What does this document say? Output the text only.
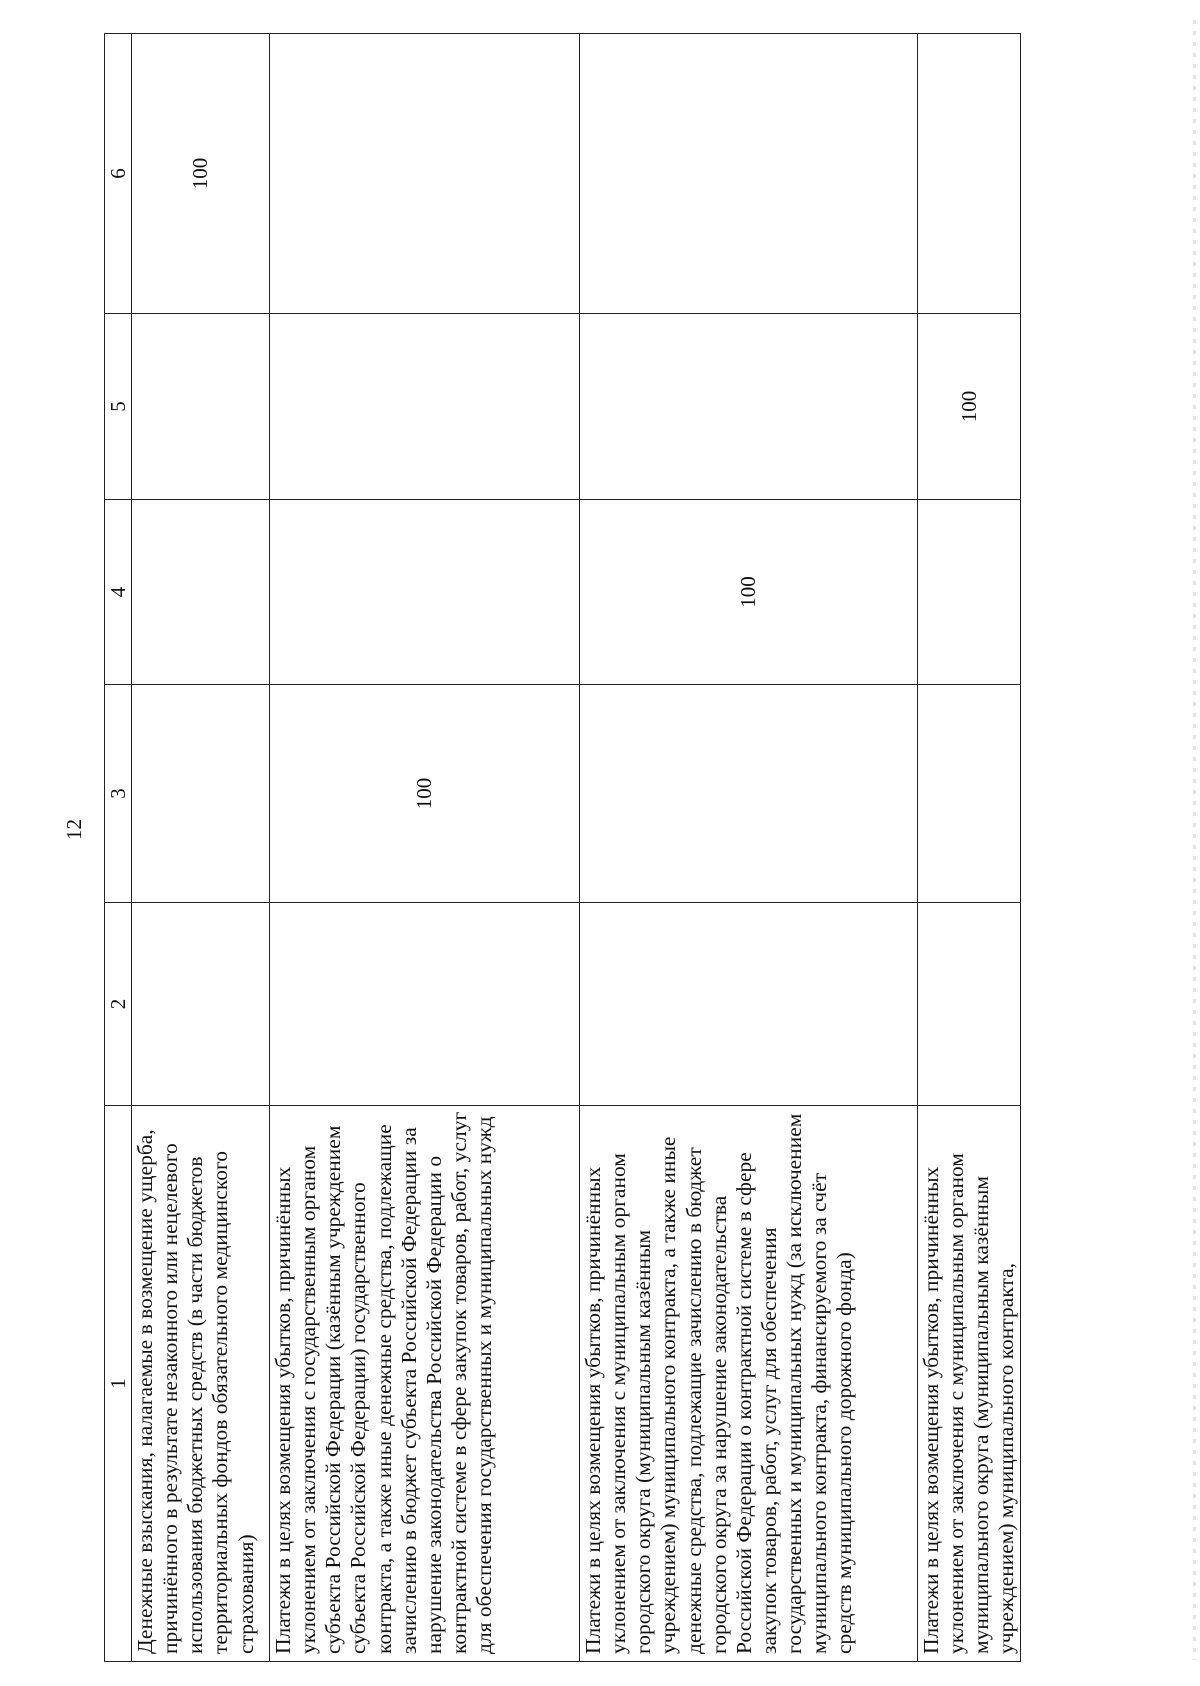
12
1	2	3	4	5	6
Денежные взыскания, налагаемые в возмещение ущерба, причинённого в результате незаконного или нецелевого использования бюджетных средств (в части бюджетов территориальных фондов обязательного медицинского страхования)					100
Платежи в целях возмещения убытков, причинённых уклонением от заключения с государственным органом субъекта Российской Федерации (казённым учреждением субъекта Российской Федерации) государственного контракта, а также иные денежные средства, подлежащие зачислению в бюджет субъекта Российской Федерации за нарушение законодательства Российской Федерации о контрактной системе в сфере закупок товаров, работ, услуг для обеспечения государственных и муниципальных нужд		100			
Платежи в целях возмещения убытков, причинённых уклонением от заключения с муниципальным органом городского округа (муниципальным казённым учреждением) муниципального контракта, а также иные денежные средства, подлежащие зачислению в бюджет городского округа за нарушение законодательства Российской Федерации о контрактной системе в сфере закупок товаров, работ, услуг для обеспечения государственных и муниципальных нужд (за исключением муниципального контракта, финансируемого за счёт средств муниципального дорожного фонда)			100		
Платежи в целях возмещения убытков, причинённых уклонением от заключения с муниципальным органом муниципального округа (муниципальным казённым учреждением) муниципального контракта,				100	
